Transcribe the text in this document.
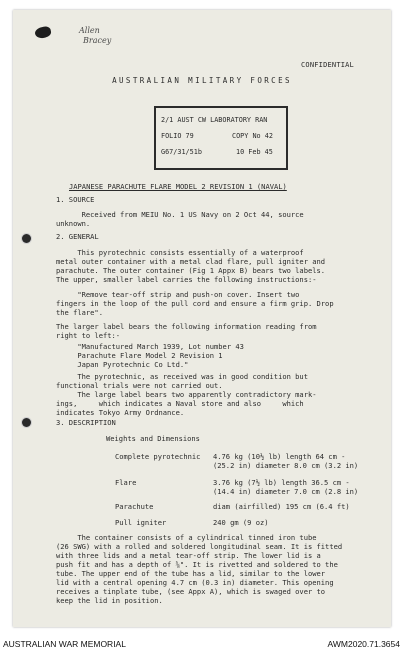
Allen
Bracey
CONFIDENTIAL
AUSTRALIAN MILITARY FORCES
2/1 AUST CW LABORATORY RAN
FOLIO 79	COPY No 42
G67/31/51b	10 Feb 45
JAPANESE PARACHUTE FLARE MODEL 2 REVISION 1 (NAVAL)
1. SOURCE
Received from MEIU No. 1 US Navy on 2 Oct 44, source
unknown.
2. GENERAL
This pyrotechnic consists essentially of a waterproof
metal outer container with a metal clad flare, pull igniter and
parachute. The outer container (Fig 1 Appx B) bears two labels.
The upper, smaller label carries the following instructions:-
"Remove tear-off strip and push-on cover. Insert two
fingers in the loop of the pull cord and ensure a firm grip. Drop
the flare".
The larger label bears the following information reading from
right to left:-
"Manufactured March 1939, Lot number 43
Parachute Flare Model 2 Revision 1
Japan Pyrotechnic Co Ltd."
The pyrotechnic, as received was in good condition but
functional trials were not carried out.
The large label bears two apparently contradictory mark-
ings,     which indicates a Naval store and also     which
indicates Tokyo Army Ordnance.
3. DESCRIPTION
Weights and Dimensions
Complete pyrotechnic 4.76 kg (10½ lb) length 64 cm -
(25.2 in) diameter 8.0 cm (3.2 in)
Flare	3.76 kg (7½ lb) length 36.5 cm -
(14.4 in) diameter 7.0 cm (2.8 in)
Parachute	diam (airfilled) 195 cm (6.4 ft)
Pull igniter	240 gm (9 oz)
The container consists of a cylindrical tinned iron tube
(26 SWG) with a rolled and soldered longitudinal seam. It is fitted
with three lids and a metal tear-off strip. The lower lid is a
push fit and has a depth of ⅝". It is rivetted and soldered to the
tube. The upper end of the tube has a lid, similar to the lower
lid with a central opening 4.7 cm (0.3 in) diameter. This opening
receives a tinplate tube, (see Appx A), which is swaged over to
keep the lid in position.
AUSTRALIAN WAR MEMORIAL	AWM2020.71.3654
